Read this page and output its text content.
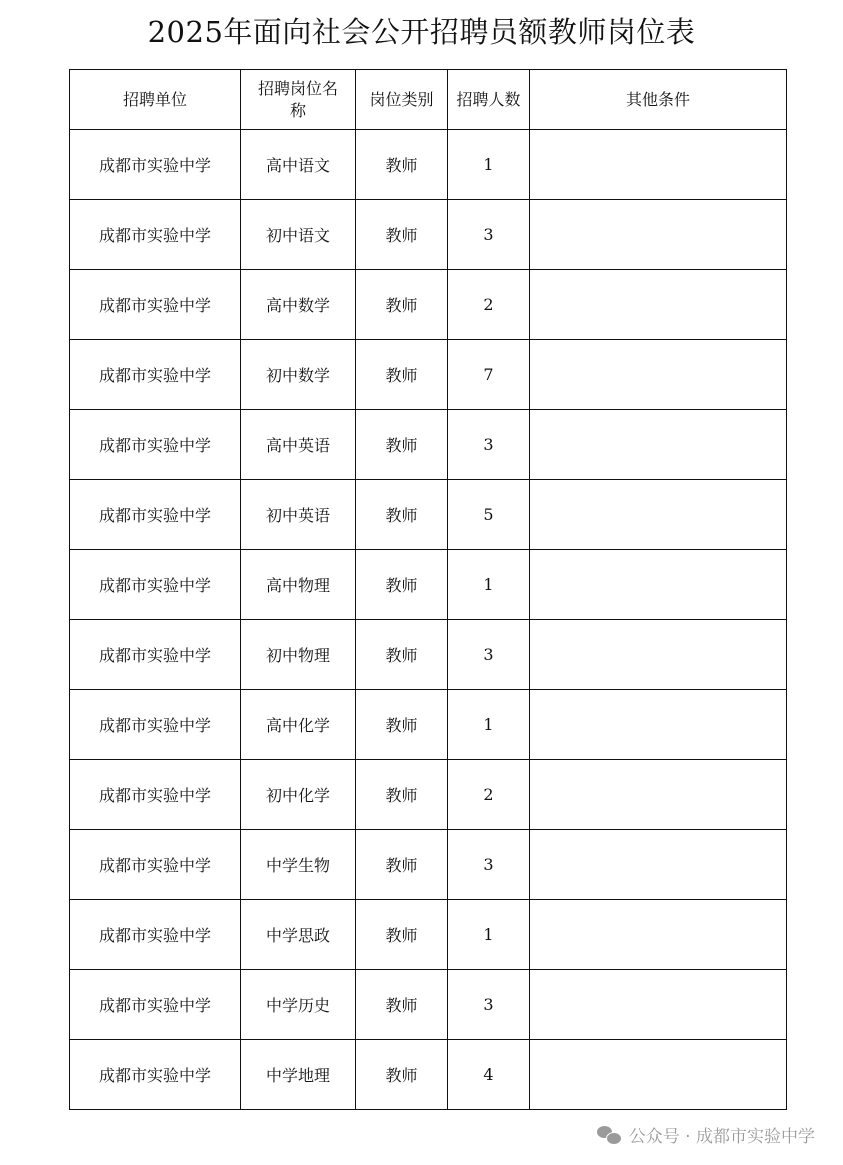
2025年面向社会公开招聘员额教师岗位表
招聘单位	招聘岗位名称	岗位类别	招聘人数	其他条件
成都市实验中学	高中语文	教师	1	
成都市实验中学	初中语文	教师	3	
成都市实验中学	高中数学	教师	2	
成都市实验中学	初中数学	教师	7	
成都市实验中学	高中英语	教师	3	
成都市实验中学	初中英语	教师	5	
成都市实验中学	高中物理	教师	1	
成都市实验中学	初中物理	教师	3	
成都市实验中学	高中化学	教师	1	
成都市实验中学	初中化学	教师	2	
成都市实验中学	中学生物	教师	3	
成都市实验中学	中学思政	教师	1	
成都市实验中学	中学历史	教师	3	
成都市实验中学	中学地理	教师	4	
公众号 · 成都市实验中学
